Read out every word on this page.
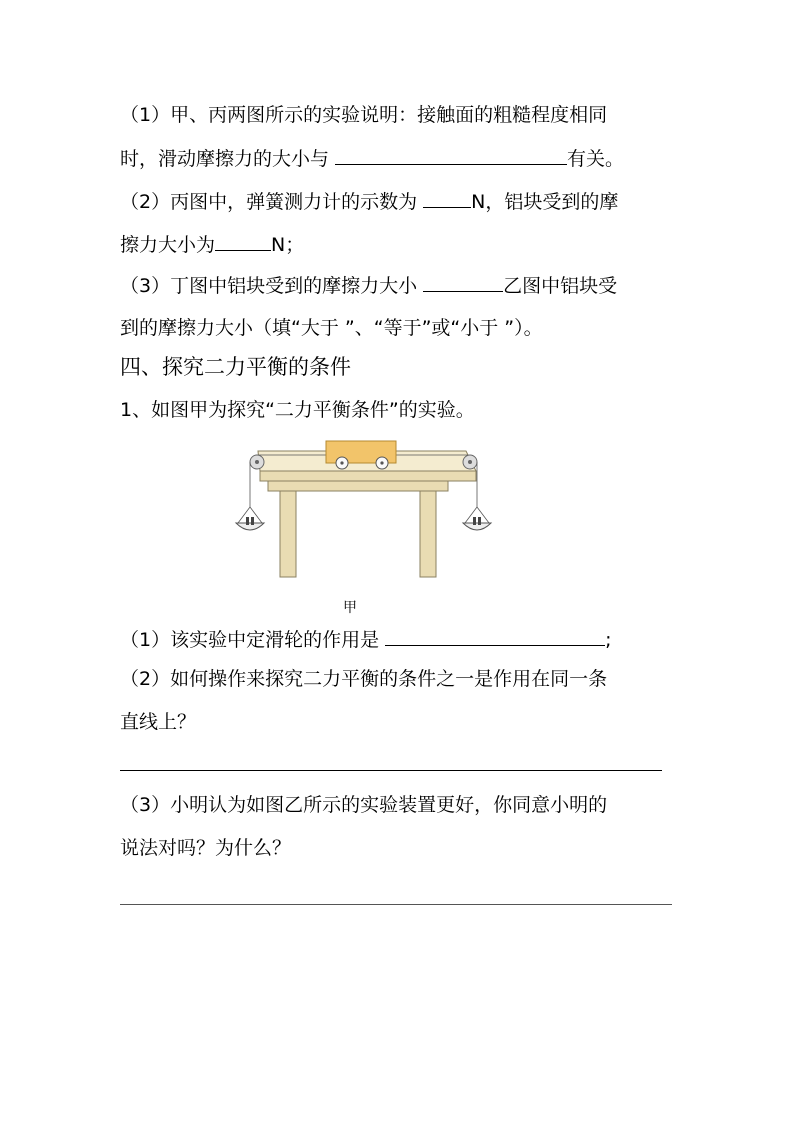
（1）甲、丙两图所示的实验说明：接触面的粗糙程度相同
时，滑动摩擦力的大小与	有关。
（2）丙图中，弹簧测力计的示数为	N，铝块受到的摩
擦力大小为	N；
（3）丁图中铝块受到的摩擦力大小	乙图中铝块受
到的摩擦力大小（填“大于 ”、“等于”或“小于 ”）。
四、探究二力平衡的条件
1、如图甲为探究“二力平衡条件”的实验。
甲
（1）该实验中定滑轮的作用是	;
（2）如何操作来探究二力平衡的条件之一是作用在同一条
直线上？
（3）小明认为如图乙所示的实验装置更好，你同意小明的
说法对吗？为什么？
